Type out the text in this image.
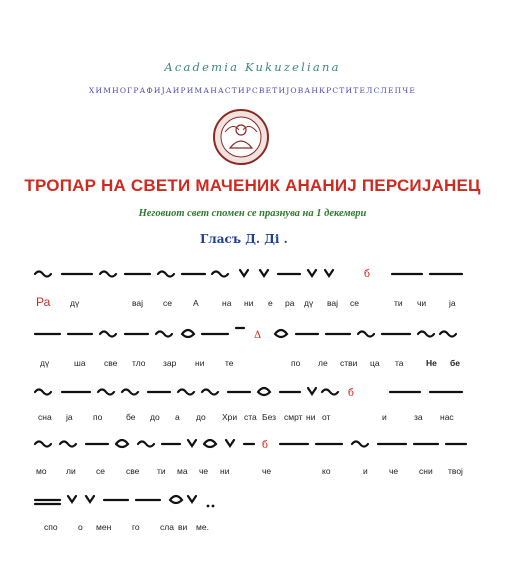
Academia Kukuzeliana
ХИМНОГРАФИЈАИРИМАНАСТИРСВЕТИЈОВАНКРСТИТЕЛСЛЕПЧЕ
ТРОПАР НА СВЕТИ МАЧЕНИК АНАНИЈ ПЕРСИЈАНЕЦ
Неговиот свет спомен се празнува на 1 декември
Гласъ Д. Ді .
б
Ра дү	вај се А	на ни е ра дү вај се	ти чи	ја
Δ
дү	ша све тло зар ни те	по ле стви ца та	Не бе
б
сна ја по	бе до а до Хри ста Без смрт ни от	и	за нас
б
мо ли се све ти ма че ни	че	ко	и	че сни твој
спо о мен го сла ви ме.
